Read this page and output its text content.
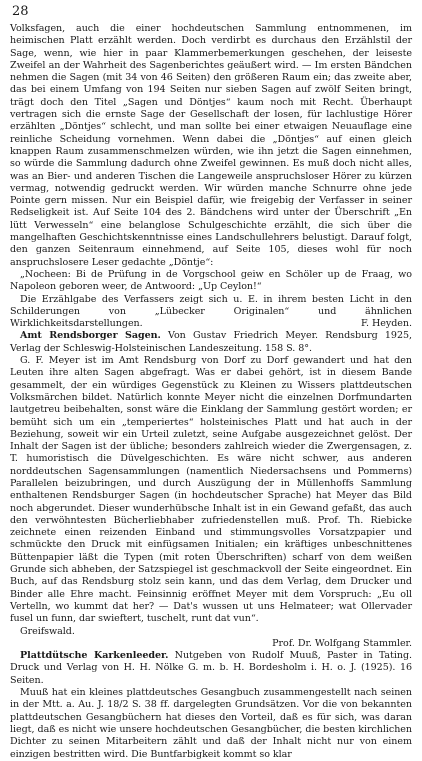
28

Volksfagen, auch die einer hochdeutschen Sammlung entnommenen, im heimischen Platt erzählt werden. Doch verdirbt es durchaus den Erzählstil der Sage, wenn, wie hier in paar Klammerbemerkungen geschehen, der leiseste Zweifel an der Wahrheit des Sagenberichtes geäußert wird. — Im ersten Bändchen nehmen die Sagen (mit 34 von 46 Seiten) den größeren Raum ein; das zweite aber, das bei einem Umfang von 194 Seiten nur sieben Sagen auf zwölf Seiten bringt, trägt doch den Titel „Sagen und Döntjes“ kaum noch mit Recht. Überhaupt vertragen sich die ernste Sage der Gesellschaft der losen, für lachlustige Hörer erzählten „Döntjes“ schlecht, und man sollte bei einer etwaigen Neuauflage eine reinliche Scheidung vornehmen. Wenn dabei die „Döntjes“ auf einen gleich knappen Raum zusammenschmelzen würden, wie ihn jetzt die Sagen einnehmen, so würde die Sammlung dadurch ohne Zweifel gewinnen. Es muß doch nicht alles, was an Bier- und anderen Tischen die Langeweile anspruchsloser Hörer zu kürzen vermag, notwendig gedruckt werden. Wir würden manche Schnurre ohne jede Pointe gern missen. Nur ein Beispiel dafür, wie freigebig der Verfasser in seiner Redseligkeit ist. Auf Seite 104 des 2. Bändchens wird unter der Überschrift „En lütt Verwesseln“ eine belanglose Schulgeschichte erzählt, die sich über die mangelhaften Geschichtskenntnisse eines Landschullehrers belustigt. Darauf folgt, den ganzen Seitenraum einnehmend, auf Seite 105, dieses wohl für noch anspruchslosere Leser gedachte „Döntje“:

„Nocheen: Bi de Prüfung in de Vorgschool geiw en Schöler up de Fraag, wo Napoleon geboren weer, de Antwoord: „Up Ceylon!“

Die Erzählgabe des Verfassers zeigt sich u. E. in ihrem besten Licht in den Schilderungen von „Lübecker Originalen“ und ähnlichen Wirklichkeitsdarstellungen.	F. Heyden.

Amt Rendsborger Sagen. Von Gustav Friedrich Meyer. Rendsburg 1925, Verlag der Schleswig-Holsteinischen Landeszeitung. 158 S. 8°.

G. F. Meyer ist im Amt Rendsburg von Dorf zu Dorf gewandert und hat den Leuten ihre alten Sagen abgefragt. Was er dabei gehört, ist in diesem Bande gesammelt, der ein würdiges Gegenstück zu Kleinen zu Wissers plattdeutschen Volksmärchen bildet. Natürlich konnte Meyer nicht die einzelnen Dorfmundarten lautgetreu beibehalten, sonst wäre die Einklang der Sammlung gestört worden; er bemüht sich um ein „temperiertes“ holsteinisches Platt und hat auch in der Beziehung, soweit wir ein Urteil zuletzt, seine Aufgabe ausgezeichnet gelöst. Der Inhalt der Sagen ist der übliche; besonders zahlreich wieder die Zwergensagen, z. T. humoristisch die Düvelgeschichten. Es wäre nicht schwer, aus anderen norddeutschen Sagensammlungen (namentlich Niedersachsens und Pommerns) Parallelen beizubringen, und durch Auszügung der in Müllenhoffs Sammlung enthaltenen Rendsburger Sagen (in hochdeutscher Sprache) hat Meyer das Bild noch abgerundet. Dieser wunderhübsche Inhalt ist in ein Gewand gefaßt, das auch den verwöhntesten Bücherliebhaber zufriedenstellen muß. Prof. Th. Riebicke zeichnete einen reizenden Einband und stimmungsvolles Vorsatzpapier und schmückte den Druck mit einfügsamen Initialen; ein kräftiges unbeschnittenes Büttenpapier läßt die Typen (mit roten Überschriften) scharf von dem weißen Grunde sich abheben, der Satzspiegel ist geschmackvoll der Seite eingeordnet. Ein Buch, auf das Rendsburg stolz sein kann, und das dem Verlag, dem Drucker und Binder alle Ehre macht. Feinsinnig eröffnet Meyer mit dem Vorspruch: „Eu oll Vertelln, wo kummt dat her? — Dat's wussen ut uns Helmateer; wat Ollervader fusel un funn, dar swieftert, tuschelt, runt dat vun“.

Greifswald.

Prof. Dr. Wolfgang Stammler.

Plattdütsche Karkenleeder. Nutgeben von Rudolf Muuß, Paster in Tating. Druck und Verlag von H. H. Nölke G. m. b. H. Bordesholm i. H. o. J. (1925). 16 Seiten.

Muuß hat ein kleines plattdeutsches Gesangbuch zusammengestellt nach seinen in der Mtt. a. Au. J. 18/2 S. 38 ff. dargelegten Grundsätzen. Vor die von bekannten plattdeutschen Gesangbüchern hat dieses den Vorteil, daß es für sich, was daran liegt, daß es nicht wie unsere hochdeutschen Gesangbücher, die besten kirchlichen Dichter zu seinen Mitarbeitern zählt und daß der Inhalt nicht nur von einem einzigen bestritten wird. Die Buntfarbigkeit kommt so klar
